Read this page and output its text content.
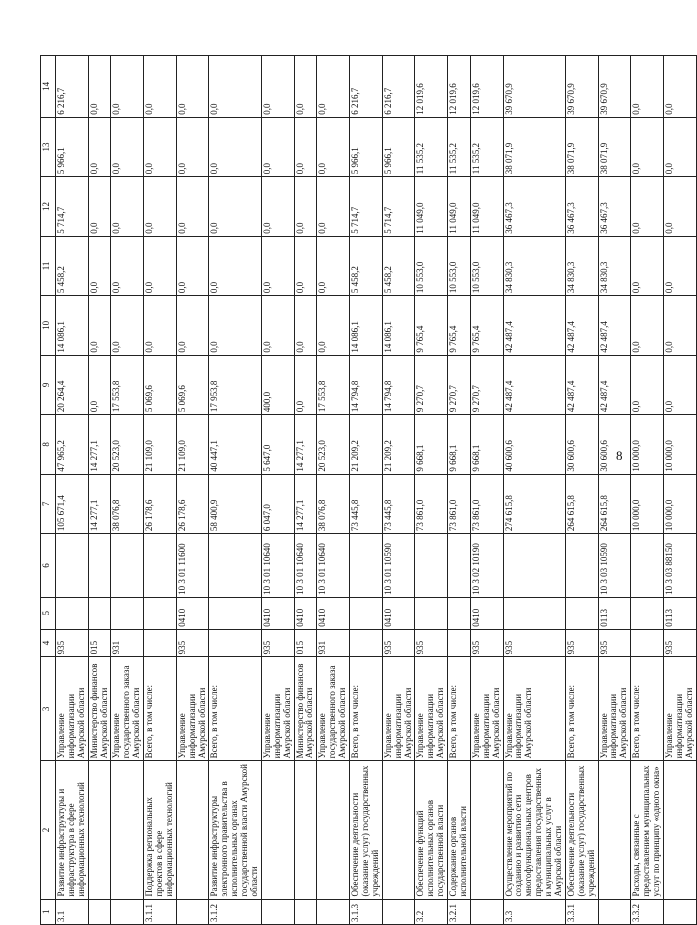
8
1	2	3	4	5	6	7	8	9	10	11	12	13	14
3.1	Развитие инфраструктуры и инфраструктура в сфере информационных технологий	Управление информатизации Амурской области	935			105 671,4	47 965,2	20 264,4	14 086,1	5 458,2	5 714,7	5 966,1	6 216,7
		Министерство финансов Амурской области	015			14 277,1	14 277,1	0,0	0,0	0,0	0,0	0,0	0,0
		Управление государственного заказа Амурской области	931			38 076,8	20 523,0	17 553,8	0,0	0,0	0,0	0,0	0,0
3.1.1	Поддержка региональных проектов в сфере информационных технологий	Всего, в том числе:				26 178,6	21 109,0	5 069,6	0,0	0,0	0,0	0,0	0,0
		Управление информатизации Амурской области	935	0410	10 3 01 11600	26 178,6	21 109,0	5 069,6	0,0	0,0	0,0	0,0	0,0
3.1.2	Развитие инфраструктуры электронного правительства в исполнительных органах государственной власти Амурской области	Всего, в том числе:				58 400,9	40 447,1	17 953,8	0,0	0,0	0,0	0,0	0,0
		Управление информатизации Амурской области	935	0410	10 3 01 10640	6 047,0	5 647,0	400,0	0,0	0,0	0,0	0,0	0,0
		Министерство финансов Амурской области	015	0410	10 3 01 10640	14 277,1	14 277,1	0,0	0,0	0,0	0,0	0,0	0,0
		Управление государственного заказа Амурской области	931	0410	10 3 01 10640	38 076,8	20 523,0	17 553,8	0,0	0,0	0,0	0,0	0,0
3.1.3	Обеспечение деятельности (оказание услуг) государственных учреждений	Всего, в том числе:				73 445,8	21 209,2	14 794,8	14 086,1	5 458,2	5 714,7	5 966,1	6 216,7
		Управление информатизации Амурской области	935	0410	10 3 01 10590	73 445,8	21 209,2	14 794,8	14 086,1	5 458,2	5 714,7	5 966,1	6 216,7
3.2	Обеспечение функций исполнительных органов государственной власти	Управление информатизации Амурской области	935			73 861,0	9 668,1	9 270,7	9 765,4	10 553,0	11 049,0	11 535,2	12 019,6
3.2.1	Содержание органов исполнительной власти	Всего, в том числе:				73 861,0	9 668,1	9 270,7	9 765,4	10 553,0	11 049,0	11 535,2	12 019,6
		Управление информатизации Амурской области	935	0410	10 3 02 10190	73 861,0	9 668,1	9 270,7	9 765,4	10 553,0	11 049,0	11 535,2	12 019,6
3.3	Осуществление мероприятий по созданию и развитию сети многофункциональных центров предоставления государственных и муниципальных услуг в Амурской области	Управление информатизации Амурской области	935			274 615,8	40 600,6	42 487,4	42 487,4	34 830,3	36 467,3	38 071,9	39 670,9
3.3.1	Обеспечение деятельности (оказание услуг) государственных учреждений	Всего, в том числе:	935			264 615,8	30 600,6	42 487,4	42 487,4	34 830,3	36 467,3	38 071,9	39 670,9
		Управление информатизации Амурской области	935	0113	10 3 03 10590	264 615,8	30 600,6	42 487,4	42 487,4	34 830,3	36 467,3	38 071,9	39 670,9
3.3.2	Расходы, связанные с предоставлением муниципальных услуг по принципу «одного окна»	Всего, в том числе:				10 000,0	10 000,0	0,0	0,0	0,0	0,0	0,0	0,0
		Управление информатизации Амурской области	935	0113	10 3 03 88150	10 000,0	10 000,0	0,0	0,0	0,0	0,0	0,0	0,0
